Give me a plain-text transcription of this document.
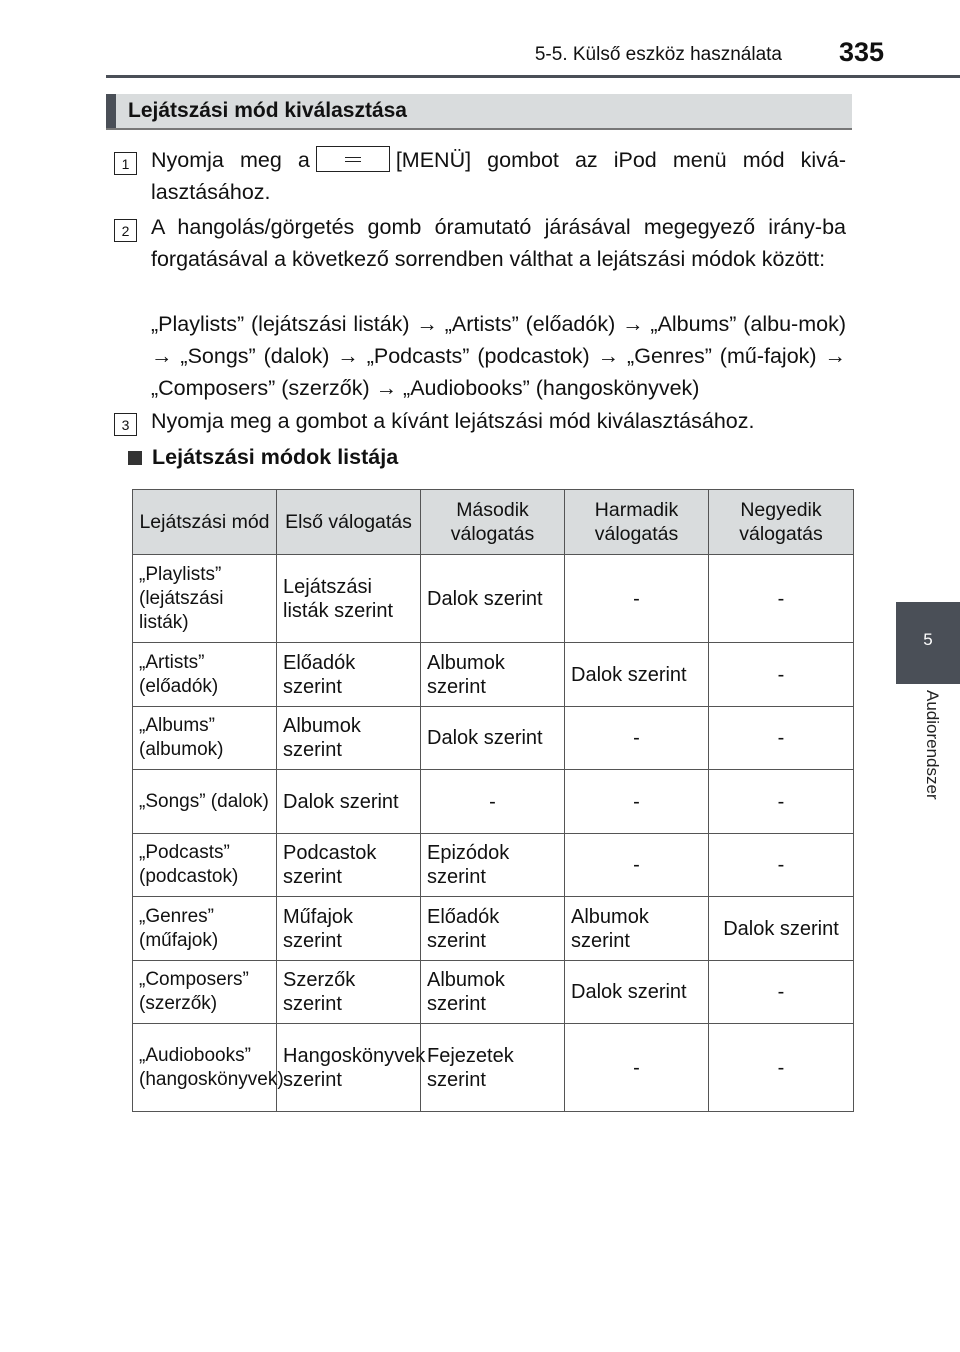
5-5. Külső eszköz használata 335
5
Audiorendszer
Lejátszási mód kiválasztása
1	Nyomja meg a	[MENÜ] gombot az iPod menü mód kivá-lasztásához.
2	A hangolás/görgetés gomb óramutató járásával megegyező irány-ba forgatásával a következő sorrendben válthat a lejátszási módok között:
„Playlists” (lejátszási listák) → „Artists” (előadók) → „Albums” (albu-mok) → „Songs” (dalok) → „Podcasts” (podcastok) → „Genres” (mű-fajok) → „Composers” (szerzők) → „Audiobooks” (hangoskönyvek)
3	Nyomja meg a gombot a kívánt lejátszási mód kiválasztásához.
Lejátszási módok listája
Lejátszási mód	Első válogatás	Második válogatás	Harmadik válogatás	Negyedik válogatás
„Playlists” (lejátszási listák)	Lejátszási listák szerint	Dalok szerint	-	-
„Artists” (előadók)	Előadók szerint	Albumok szerint	Dalok szerint	-
„Albums” (albumok)	Albumok szerint	Dalok szerint	-	-
„Songs” (dalok)	Dalok szerint	-	-	-
„Podcasts” (podcastok)	Podcastok szerint	Epizódok szerint	-	-
„Genres” (műfajok)	Műfajok szerint	Előadók szerint	Albumok szerint	Dalok szerint
„Composers” (szerzők)	Szerzők szerint	Albumok szerint	Dalok szerint	-
„Audiobooks” (hangoskönyvek)	Hangoskönyvek szerint	Fejezetek szerint	-	-
